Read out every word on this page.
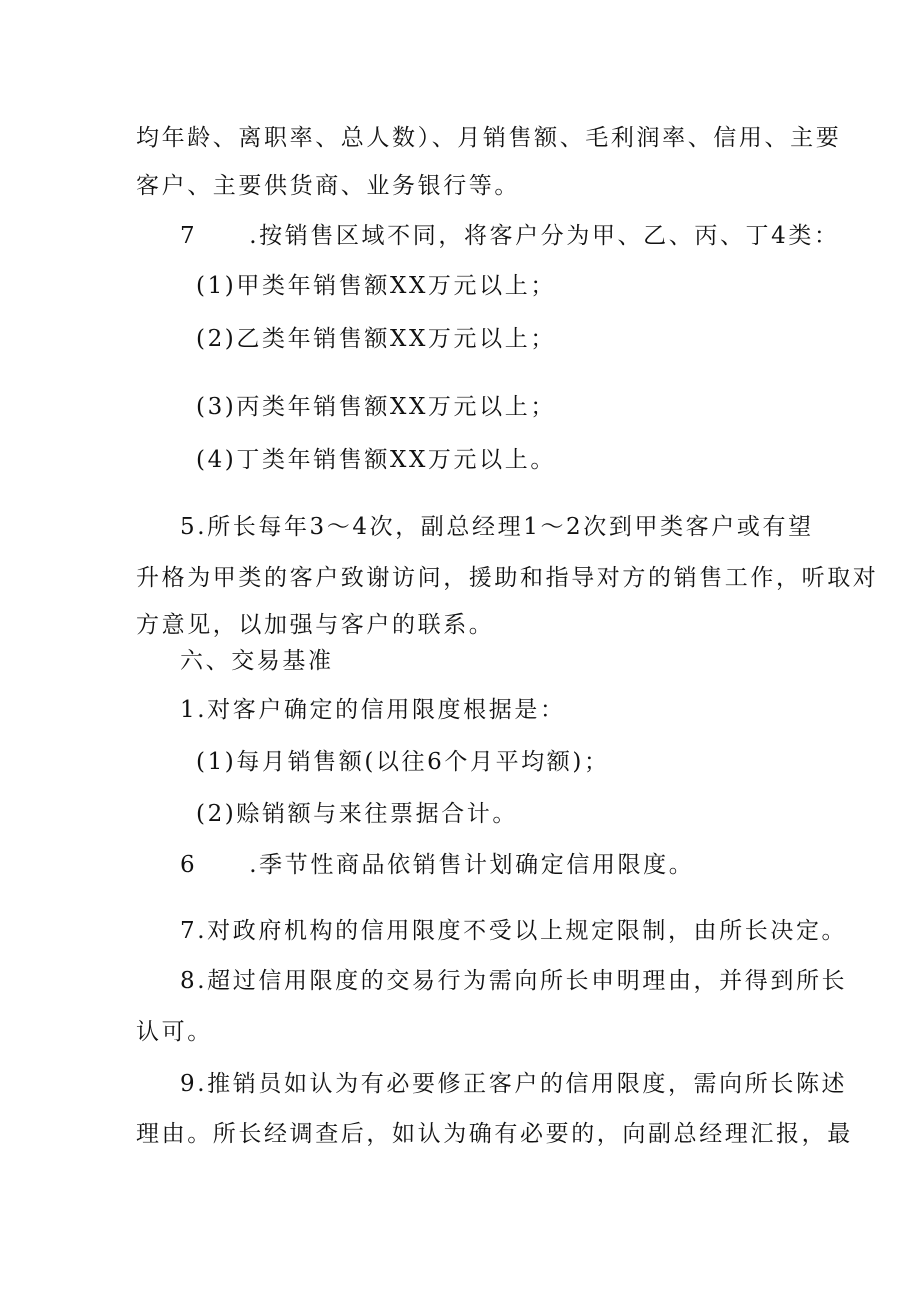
均年龄、离职率、总人数）、月销售额、毛利润率、信用、主要
客户、主要供货商、业务银行等。
7 .按销售区域不同，将客户分为甲、乙、丙、丁4类：
(1)甲类年销售额XX万元以上；
(2)乙类年销售额XX万元以上；
(3)丙类年销售额XX万元以上；
(4)丁类年销售额XX万元以上。
5.所长每年3～4次，副总经理1～2次到甲类客户或有望
升格为甲类的客户致谢访问，援助和指导对方的销售工作，听取对
方意见，以加强与客户的联系。
六、交易基准
1.对客户确定的信用限度根据是：
(1)每月销售额(以往6个月平均额)；
(2)赊销额与来往票据合计。
6 .季节性商品依销售计划确定信用限度。
7.对政府机构的信用限度不受以上规定限制，由所长决定。
8.超过信用限度的交易行为需向所长申明理由，并得到所长
认可。
9.推销员如认为有必要修正客户的信用限度，需向所长陈述
理由。所长经调查后，如认为确有必要的，向副总经理汇报，最
